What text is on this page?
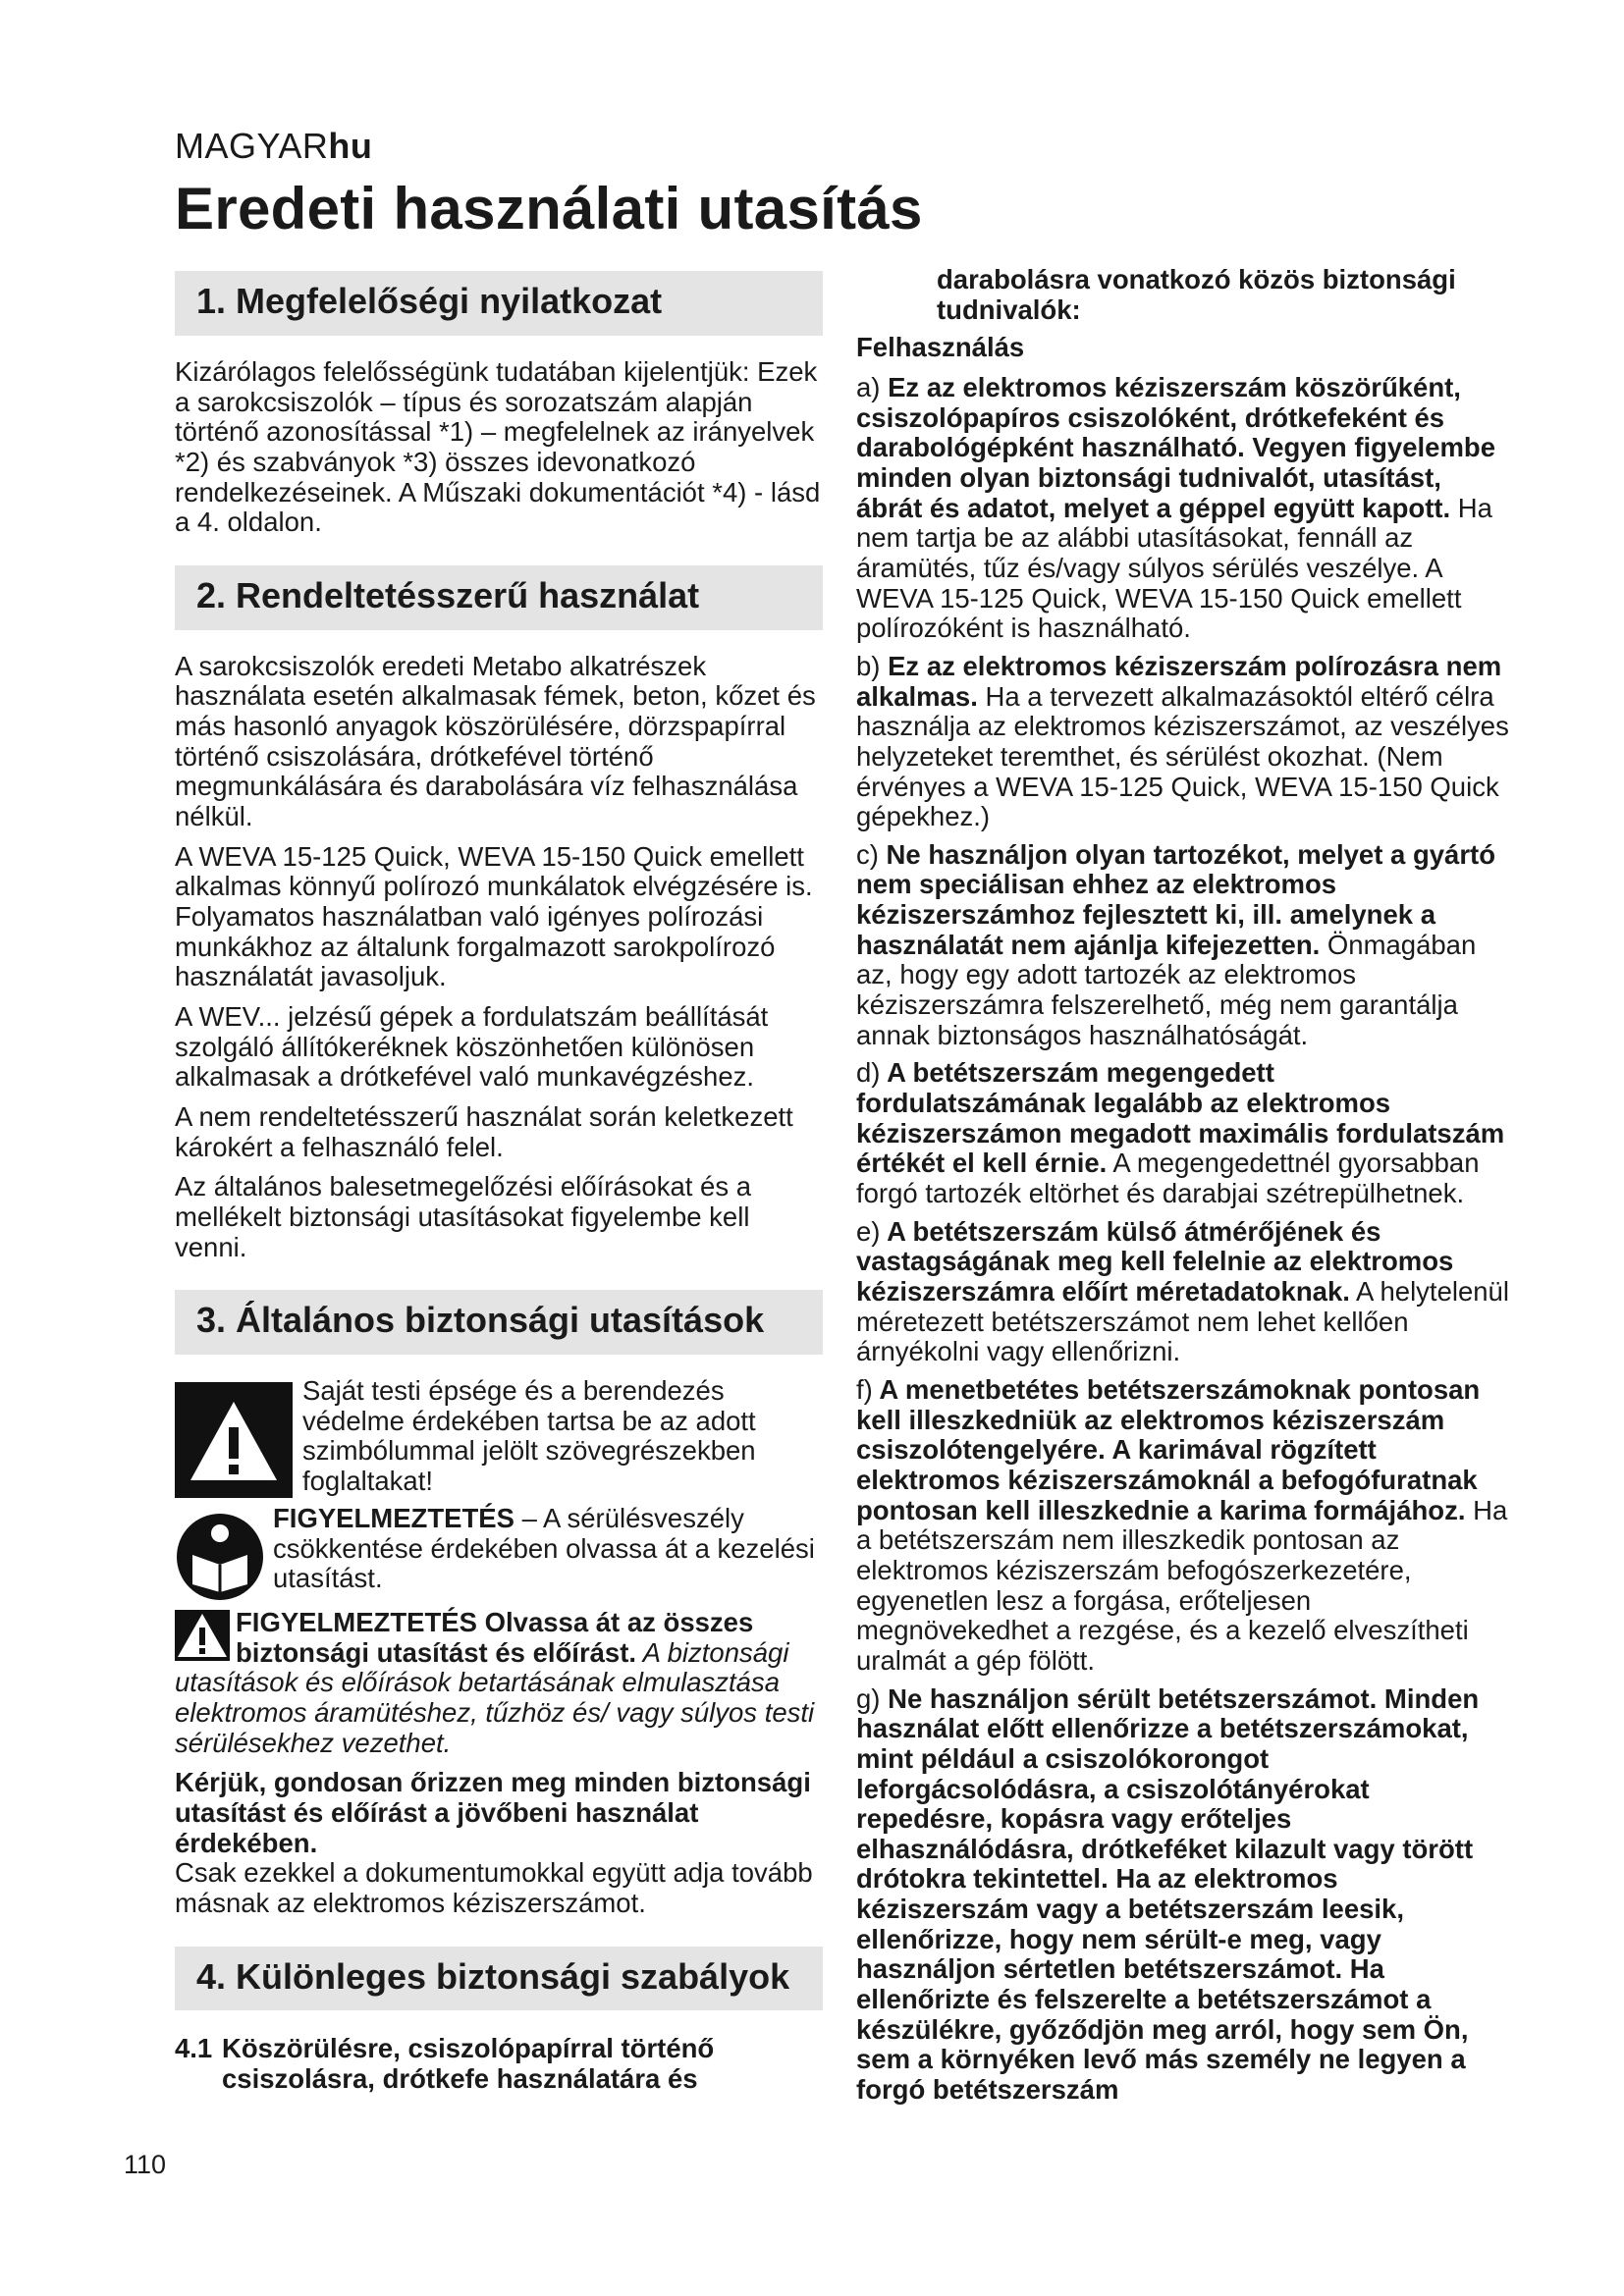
MAGYARhu
Eredeti használati utasítás
1. Megfelelőségi nyilatkozat

Kizárólagos felelősségünk tudatában kijelentjük: Ezek a sarokcsiszolók – típus és sorozatszám alapján történő azonosítással *1) – megfelelnek az irányelvek *2) és szabványok *3) összes idevonatkozó rendelkezéseinek. A Műszaki dokumentációt *4) - lásd a 4. oldalon.

2. Rendeltetésszerű használat

A sarokcsiszolók eredeti Metabo alkatrészek használata esetén alkalmasak fémek, beton, kőzet és más hasonló anyagok köszörülésére, dörzspapírral történő csiszolására, drótkefével történő megmunkálására és darabolására víz felhasználása nélkül.

A WEVA 15-125 Quick, WEVA 15-150 Quick emellett alkalmas könnyű polírozó munkálatok elvégzésére is. Folyamatos használatban való igényes polírozási munkákhoz az általunk forgalmazott sarokpolírozó használatát javasoljuk.

A WEV... jelzésű gépek a fordulatszám beállítását szolgáló állítókeréknek köszönhetően különösen alkalmasak a drótkefével való munkavégzéshez.

A nem rendeltetésszerű használat során keletkezett károkért a felhasználó felel.

Az általános balesetmegelőzési előírásokat és a mellékelt biztonsági utasításokat figyelembe kell venni.

3. Általános biztonsági utasítások
Saját testi épsége és a berendezés védelme érdekében tartsa be az adott szimbólummal jelölt szövegrészekben foglaltakat!
FIGYELMEZTETÉS – A sérülésveszély csökkentése érdekében olvassa át a kezelési utasítást.

FIGYELMEZTETÉS Olvassa át az összes biztonsági utasítást és előírást. A biztonsági utasítások és előírások betartásának elmulasztása elektromos áramütéshez, tűzhöz és/ vagy súlyos testi sérülésekhez vezethet.

Kérjük, gondosan őrizzen meg minden biztonsági utasítást és előírást a jövőbeni használat érdekében.

Csak ezekkel a dokumentumokkal együtt adja tovább másnak az elektromos kéziszerszámot.

4. Különleges biztonsági szabályok
4.1 Köszörülésre, csiszolópapírral történő csiszolásra, drótkefe használatára és

darabolásra vonatkozó közös biztonsági tudnivalók:

Felhasználás

a) Ez az elektromos kéziszerszám köszörűként, csiszolópapíros csiszolóként, drótkefeként és darabológépként használható. Vegyen figyelembe minden olyan biztonsági tudnivalót, utasítást, ábrát és adatot, melyet a géppel együtt kapott. Ha nem tartja be az alábbi utasításokat, fennáll az áramütés, tűz és/vagy súlyos sérülés veszélye. A WEVA 15-125 Quick, WEVA 15-150 Quick emellett polírozóként is használható.

b) Ez az elektromos kéziszerszám polírozásra nem alkalmas. Ha a tervezett alkalmazásoktól eltérő célra használja az elektromos kéziszerszámot, az veszélyes helyzeteket teremthet, és sérülést okozhat. (Nem érvényes a WEVA 15-125 Quick, WEVA 15-150 Quick gépekhez.)

c) Ne használjon olyan tartozékot, melyet a gyártó nem speciálisan ehhez az elektromos kéziszerszámhoz fejlesztett ki, ill. amelynek a használatát nem ajánlja kifejezetten. Önmagában az, hogy egy adott tartozék az elektromos kéziszerszámra felszerelhető, még nem garantálja annak biztonságos használhatóságát.

d) A betétszerszám megengedett fordulatszámának legalább az elektromos kéziszerszámon megadott maximális fordulatszám értékét el kell érnie. A megengedettnél gyorsabban forgó tartozék eltörhet és darabjai szétrepülhetnek.

e) A betétszerszám külső átmérőjének és vastagságának meg kell felelnie az elektromos kéziszerszámra előírt méretadatoknak. A helytelenül méretezett betétszerszámot nem lehet kellően árnyékolni vagy ellenőrizni.

f) A menetbetétes betétszerszámoknak pontosan kell illeszkedniük az elektromos kéziszerszám csiszolótengelyére. A karimával rögzített elektromos kéziszerszámoknál a befogófuratnak pontosan kell illeszkednie a karima formájához. Ha a betétszerszám nem illeszkedik pontosan az elektromos kéziszerszám befogószerkezetére, egyenetlen lesz a forgása, erőteljesen megnövekedhet a rezgése, és a kezelő elveszítheti uralmát a gép fölött.

g) Ne használjon sérült betétszerszámot. Minden használat előtt ellenőrizze a betétszerszámokat, mint például a csiszolókorongot leforgácsolódásra, a csiszolótányérokat repedésre, kopásra vagy erőteljes elhasználódásra, drótkeféket kilazult vagy törött drótokra tekintettel. Ha az elektromos kéziszerszám vagy a betétszerszám leesik, ellenőrizze, hogy nem sérült-e meg, vagy használjon sértetlen betétszerszámot. Ha ellenőrizte és felszerelte a betétszerszámot a készülékre, győződjön meg arról, hogy sem Ön, sem a környéken levő más személy ne legyen a forgó betétszerszám

110
